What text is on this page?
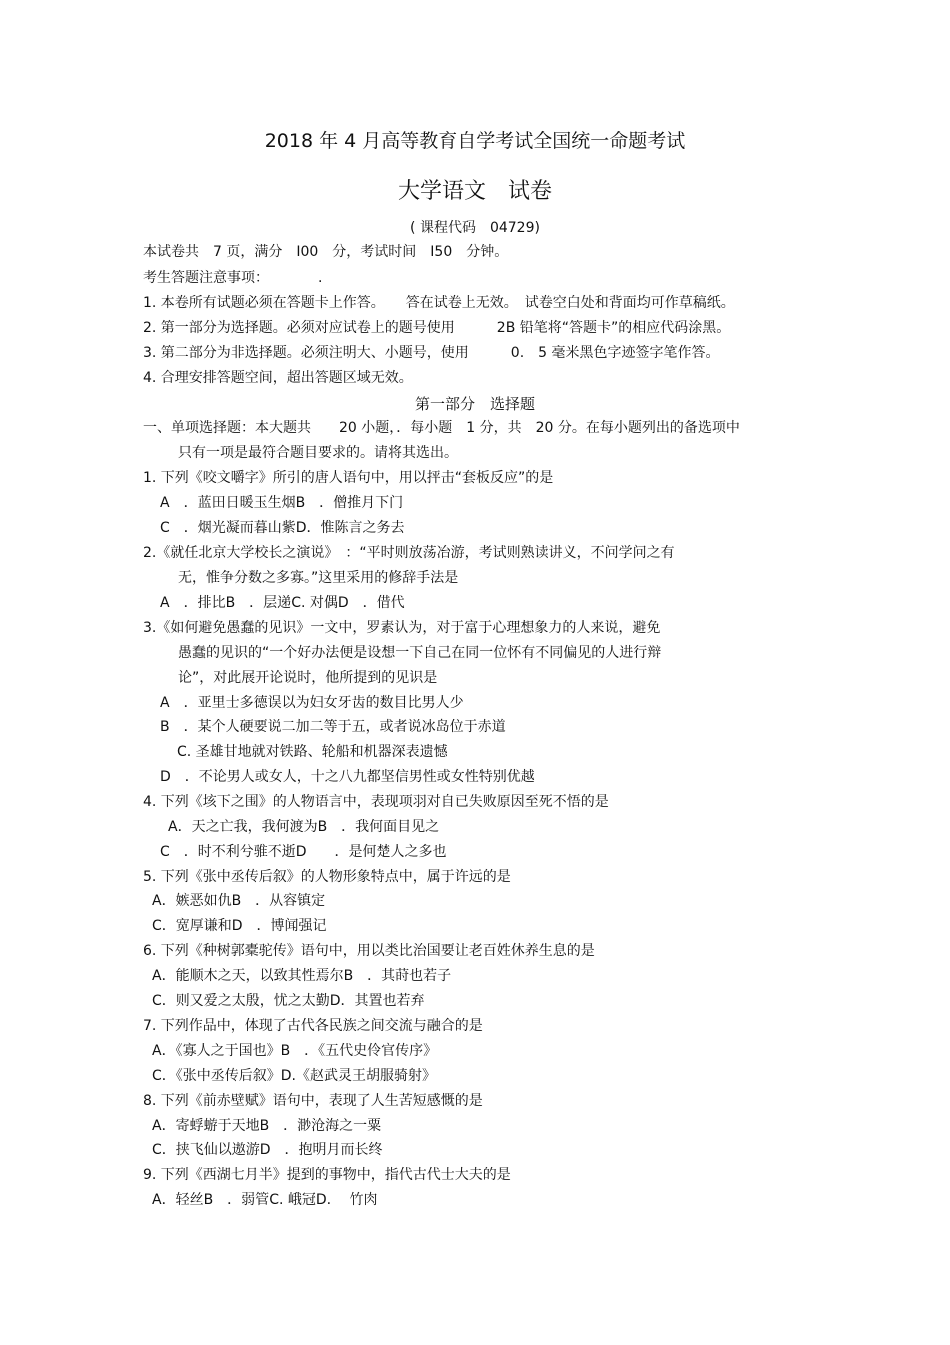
2018 年 4 月高等教育自学考试全国统一命题考试
大学语文　试卷
( 课程代码　04729)
本试卷共　7 页，满分　I00　分，考试时间　I50　分钟。
考生答题注意事项：　　　　.
1. 本卷所有试题必须在答题卡上作答。　　答在试卷上无效。　试卷空白处和背面均可作草稿纸。
2. 第一部分为选择题。必须对应试卷上的题号使用　　　2B 铅笔将“答题卡”的相应代码涂黑。
3. 第二部分为非选择题。必须注明大、小题号，使用　　　0.　5 毫米黑色字迹签字笔作答。
4. 合理安排答题空间，超出答题区域无效。
第一部分　选择题
一、单项选择题：本大题共　　20 小题，．每小题　1 分，共　20 分。在每小题列出的备选项中
只有一项是最符合题目要求的。请将其选出。
1. 下列《咬文嚼字》所引的唐人语句中，用以抨击“套板反应”的是
A　．蓝田日暖玉生烟B　．僧推月下门
C　．烟光凝而暮山紫D．惟陈言之务去
2.《就任北京大学校长之演说》　：“平时则放荡冶游，考试则熟读讲义，不问学问之有
无，惟争分数之多寡。”这里采用的修辞手法是
A　．排比B　．层递C. 对偶D　．借代
3.《如何避免愚蠢的见识》一文中，罗素认为，对于富于心理想象力的人来说，避免
愚蠢的见识的“一个好办法便是设想一下自己在同一位怀有不同偏见的人进行辩
论”，对此展开论说时，他所提到的见识是
A　．亚里士多德误以为妇女牙齿的数目比男人少
B　．某个人硬要说二加二等于五，或者说冰岛位于赤道
C. 圣雄甘地就对铁路、轮船和机器深表遗憾
D　．不论男人或女人，十之八九都坚信男性或女性特别优越
4. 下列《垓下之围》的人物语言中，表现项羽对自已失败原因至死不悟的是
A．天之亡我，我何渡为B　．我何面目见之
C　．时不利兮骓不逝D　　．是何楚人之多也
5. 下列《张中丞传后叙》的人物形象特点中，属于许远的是
A．嫉恶如仇B　．从容镇定
C．宽厚谦和D　．博闻强记
6. 下列《种树郭橐驼传》语句中，用以类比治国要让老百姓休养生息的是
A．能顺木之天，以致其性焉尔B　．其莳也若子
C．则又爱之太殷，忧之太勤D．其置也若弃
7. 下列作品中，体现了古代各民族之间交流与融合的是
A．《寡人之于国也》B　．《五代史伶官传序》
C．《张中丞传后叙》D.《赵武灵王胡服骑射》
8. 下列《前赤壁赋》语句中，表现了人生苦短感慨的是
A．寄蜉蝣于天地B　．渺沧海之一粟
C．挟飞仙以遨游D　．抱明月而长终
9. 下列《西湖七月半》提到的事物中，指代古代士大夫的是
A．轻丝B　．弱管C. 峨冠D.　 竹肉
